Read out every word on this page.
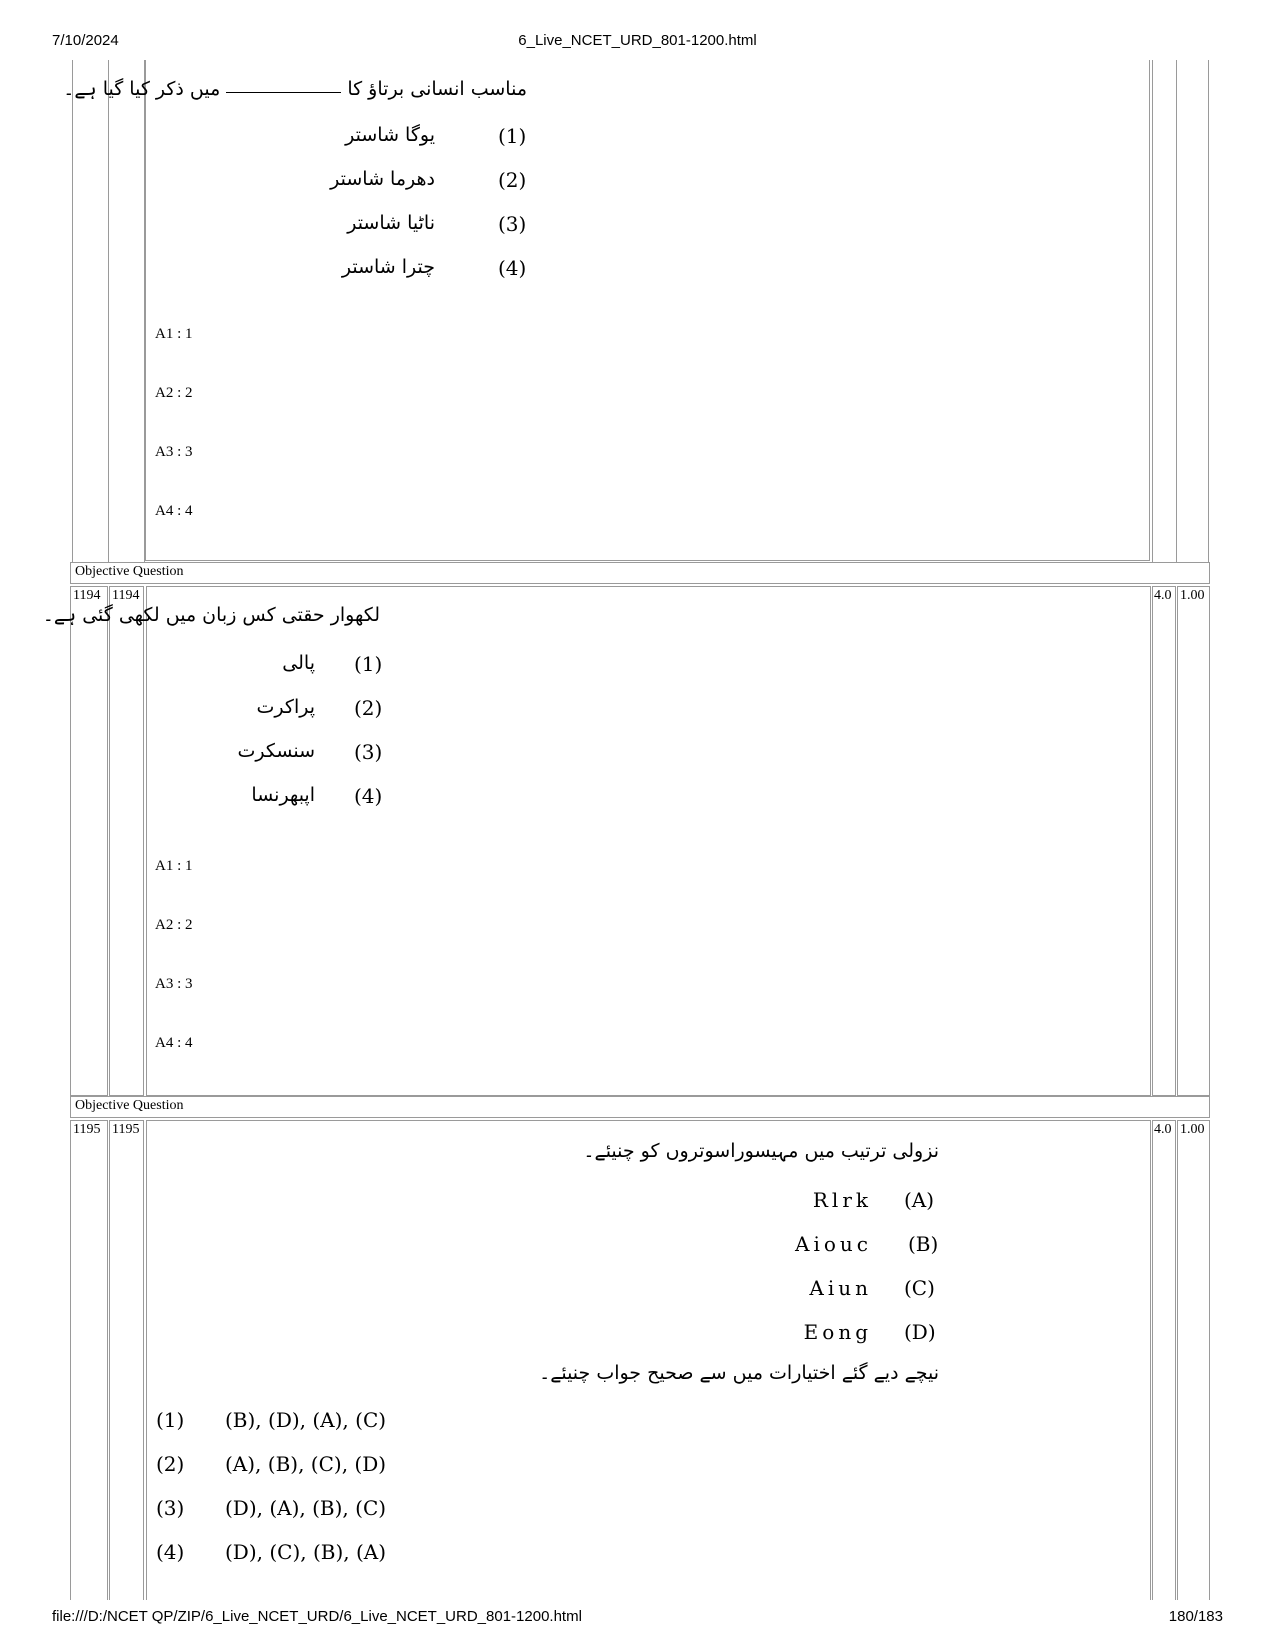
7/10/2024	6_Live_NCET_URD_801-1200.html
file:///D:/NCET QP/ZIP/6_Live_NCET_URD/6_Live_NCET_URD_801-1200.html	180/183
مناسب انسانی برتاؤ کامیں ذکر کیا گیا ہے۔
(1)
یوگا شاستر
(2)
دھرما شاستر
(3)
ناٹیا شاستر
(4)
چترا شاستر
A1 : 1
A2 : 2
A3 : 3
A4 : 4
Objective Question
1194 1194	4.0 1.00
لکھوار حقتی کس زبان میں لکھی گئی ہے۔
(1)
پالی
(2)
پراکرت
(3)
سنسکرت
(4)
اپبھرنسا
A1 : 1
A2 : 2
A3 : 3
A4 : 4
Objective Question
1195 1195	4.0 1.00
نزولی ترتیب میں مہیسوراسوتروں کو چنیئے۔
Rlrk (A)
Aiouc (B)
Aiun (C)
Eong (D)
نیچے دیے گئے اختیارات میں سے صحیح جواب چنیئے۔
(1) (B), (D), (A), (C)
(2) (A), (B), (C), (D)
(3) (D), (A), (B), (C)
(4) (D), (C), (B), (A)
